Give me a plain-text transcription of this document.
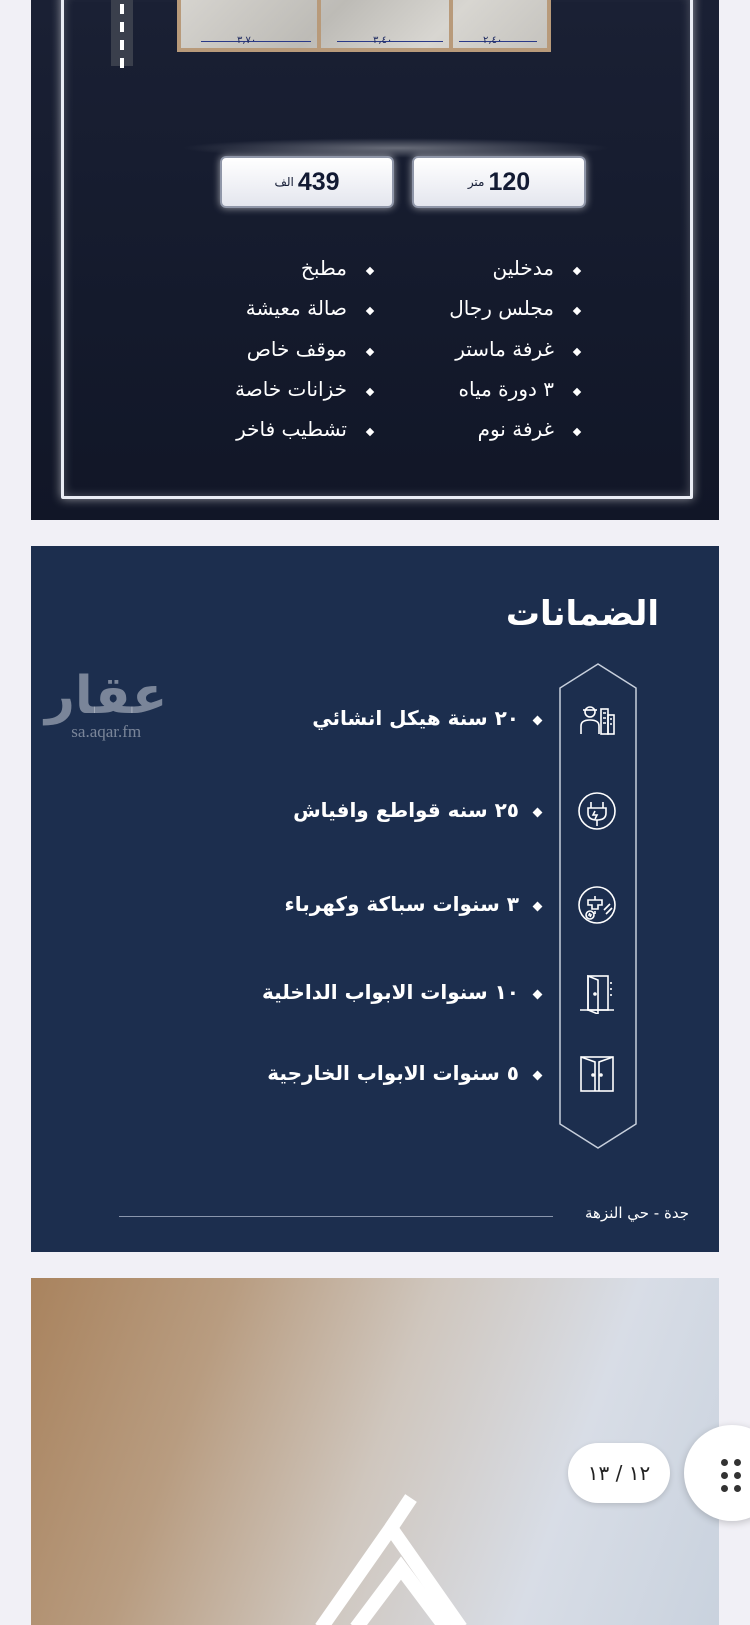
٣,٧٠	٣,٤٠	٢,٤٠
120
متر
439
الف
مدخلين
مجلس رجال
غرفة ماستر
٣ دورة مياه
غرفة نوم
مطبخ
صالة معيشة
موقف خاص
خزانات خاصة
تشطيب فاخر
الضمانات
عقار
sa.aqar.fm
٢٠ سنة هيكل انشائي
٢٥ سنه قواطع وافياش
٣ سنوات سباكة وكهرباء
١٠ سنوات الابواب الداخلية
٥ سنوات الابواب الخارجية
جدة - حي النزهة
١٢ / ١٣
